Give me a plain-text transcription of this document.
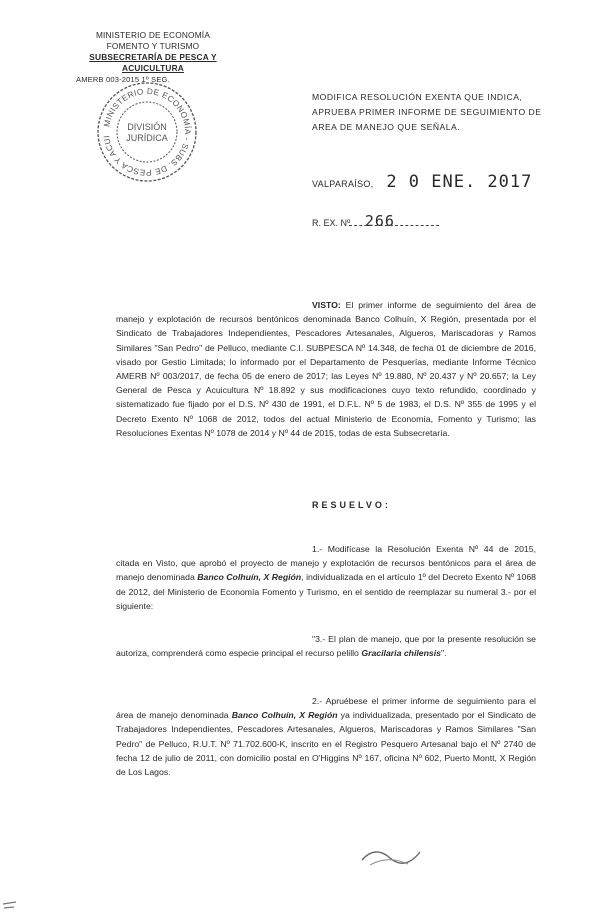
MINISTERIO DE ECONOMÍA
FOMENTO Y TURISMO
SUBSECRETARÍA DE PESCA Y ACUICULTURA
AMERB 003-2015 1º SEG.
MINISTERIO DE ECONOMÍA - SUBS. DE PESCA Y ACUI
DIVISIÓN
JURÍDICA
MODIFICA RESOLUCIÓN EXENTA QUE INDICA, APRUEBA PRIMER INFORME DE SEGUIMIENTO DE AREA DE MANEJO QUE SEÑALA.
VALPARAÍSO, 2 0 ENE. 2017
R. EX. Nº 266
VISTO: El primer informe de seguimiento del área de manejo y explotación de recursos bentónicos denominada Banco Colhuín, X Región, presentada por el Sindicato de Trabajadores Independientes, Pescadores Artesanales, Algueros, Mariscadoras y Ramos Similares "San Pedro" de Pelluco, mediante C.I. SUBPESCA Nº 14.348, de fecha 01 de diciembre de 2016, visado por Gestio Limitada; lo informado por el Departamento de Pesquerías, mediante Informe Técnico AMERB Nº 003/2017, de fecha 05 de enero de 2017; las Leyes Nº 19.880, Nº 20.437 y Nº 20.657; la Ley General de Pesca y Acuicultura Nº 18.892 y sus modificaciones cuyo texto refundido, coordinado y sistematizado fue fijado por el D.S. Nº 430 de 1991, el D.F.L. Nº 5 de 1983, el D.S. Nº 355 de 1995 y el Decreto Exento Nº 1068 de 2012, todos del actual Ministerio de Economía, Fomento y Turismo; las Resoluciones Exentas Nº 1078 de 2014 y Nº 44 de 2015, todas de esta Subsecretaría.
RESUELVO:
1.- Modifícase la Resolución Exenta Nº 44 de 2015, citada en Visto, que aprobó el proyecto de manejo y explotación de recursos bentónicos para el área de manejo denominada Banco Colhuín, X Región, individualizada en el artículo 1º del Decreto Exento Nº 1068 de 2012, del Ministerio de Economía Fomento y Turismo, en el sentido de reemplazar su numeral 3.- por el siguiente:
"3.- El plan de manejo, que por la presente resolución se autoriza, comprenderá como especie principal el recurso pelillo Gracilaria chilensis".
2.- Apruébese el primer informe de seguimiento para el área de manejo denominada Banco Colhuín, X Región ya individualizada, presentado por el Sindicato de Trabajadores Independientes, Pescadores Artesanales, Algueros, Mariscadoras y Ramos Similares "San Pedro" de Pelluco, R.U.T. Nº 71.702.600-K, inscrito en el Registro Pesquero Artesanal bajo el Nº 2740 de fecha 12 de julio de 2011, con domicilio postal en O'Higgins Nº 167, oficina Nº 602, Puerto Montt, X Región de Los Lagos.
